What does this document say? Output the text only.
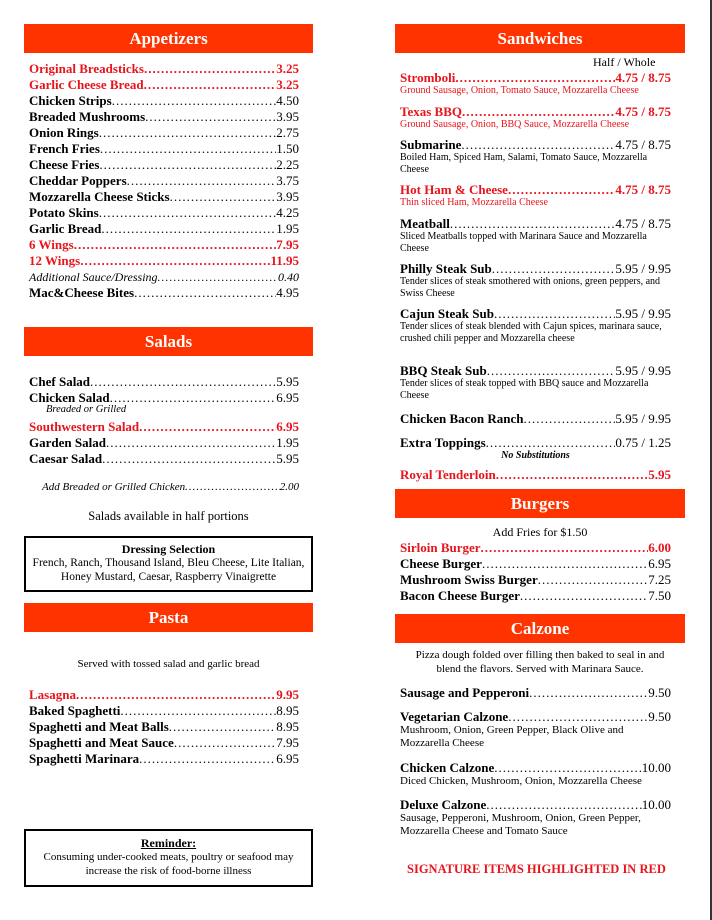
Appetizers
Original Breadsticks .....	3.25
Garlic Cheese Bread .....	3.25
Chicken Strips .....	4.50
Breaded Mushrooms .....	3.95
Onion Rings .....	2.75
French Fries .....	1.50
Cheese Fries .....	2.25
Cheddar Poppers .....	3.75
Mozzarella Cheese Sticks .....	3.95
Potato Skins .....	4.25
Garlic Bread .....	1.95
6 Wings .....	7.95
12 Wings .....	11.95
Additional Sauce/Dressing .....	0.40
Mac&Cheese Bites .....	4.95
Salads
Chef Salad .....	5.95
Chicken Salad .....	6.95
Southwestern Salad .....	6.95
Garden Salad .....	1.95
Caesar Salad .....	5.95
Breaded or Grilled
Add Breaded or Grilled Chicken .....	2.00
Salads available in half portions
Dressing Selection
French, Ranch, Thousand Island, Bleu Cheese, Lite Italian, Honey Mustard, Caesar, Raspberry Vinaigrette
Pasta
Served with tossed salad and garlic bread
Lasagna .....	9.95
Baked Spaghetti .....	8.95
Spaghetti and Meat Balls .....	8.95
Spaghetti and Meat Sauce .....	7.95
Spaghetti Marinara .....	6.95
Reminder:
Consuming under-cooked meats, poultry or seafood may increase the risk of food-borne illness
Sandwiches
Half / Whole
Stromboli .....	4.75 / 8.75
Ground Sausage, Onion, Tomato Sauce, Mozzarella Cheese
Texas BBQ .....	4.75 / 8.75
Ground Sausage, Onion, BBQ Sauce, Mozzarella Cheese
Submarine .....	4.75 / 8.75
Boiled Ham, Spiced Ham, Salami, Tomato Sauce, Mozzarella Cheese
Hot Ham & Cheese .....	4.75 / 8.75
Thin sliced Ham, Mozzarella Cheese
Meatball .....	4.75 / 8.75
Sliced Meatballs topped with Marinara Sauce and Mozzarella Cheese
Philly Steak Sub .....	5.95 / 9.95
Tender slices of steak smothered with onions, green peppers, and Swiss Cheese
Cajun Steak Sub .....	5.95 / 9.95
Tender slices of steak blended with Cajun spices, marinara sauce, crushed chili pepper and Mozzarella cheese
BBQ Steak Sub .....	5.95 / 9.95
Tender slices of steak topped with BBQ sauce and Mozzarella Cheese
Chicken Bacon Ranch .....	5.95 / 9.95
Extra Toppings .....	0.75 / 1.25
No Substitutions
Royal Tenderloin .....	5.95
Burgers
Add Fries for $1.50
Sirloin Burger .....	6.00
Cheese Burger .....	6.95
Mushroom Swiss Burger .....	7.25
Bacon Cheese Burger .....	7.50
Calzone
Pizza dough folded over filling then baked to seal in and blend the flavors. Served with Marinara Sauce.
Sausage and Pepperoni .....	9.50
Vegetarian Calzone .....	9.50
Mushroom, Onion, Green Pepper, Black Olive and Mozzarella Cheese
Chicken Calzone .....	10.00
Diced Chicken, Mushroom, Onion, Mozzarella Cheese
Deluxe Calzone .....	10.00
Sausage, Pepperoni, Mushroom, Onion, Green Pepper, Mozzarella Cheese and Tomato Sauce
SIGNATURE ITEMS HIGHLIGHTED IN RED
